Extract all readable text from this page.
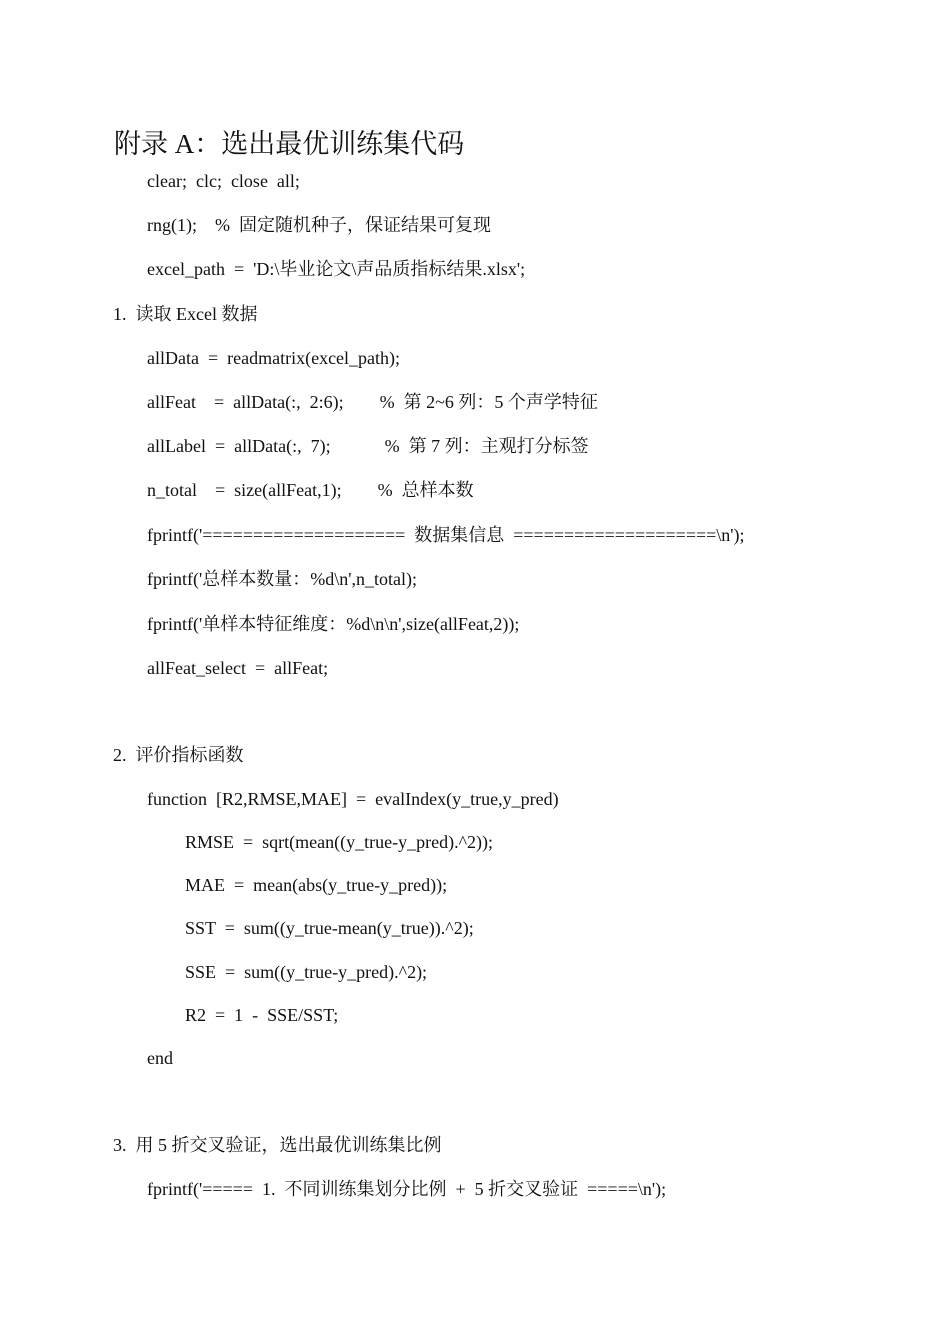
附录 A：选出最优训练集代码
clear;  clc;  close  all;
rng(1);    %  固定随机种子，保证结果可复现
excel_path  =  'D:\毕业论文\声品质指标结果.xlsx';
1.  读取 Excel 数据
allData  =  readmatrix(excel_path);
allFeat    =  allData(:,  2:6);        %  第 2~6 列：5 个声学特征
allLabel  =  allData(:,  7);            %  第 7 列：主观打分标签
n_total    =  size(allFeat,1);        %  总样本数
fprintf('====================  数据集信息  ====================\n');
fprintf('总样本数量：%d\n',n_total);
fprintf('单样本特征维度：%d\n\n',size(allFeat,2));
allFeat_select  =  allFeat;
2.  评价指标函数
function  [R2,RMSE,MAE]  =  evalIndex(y_true,y_pred)
RMSE  =  sqrt(mean((y_true-y_pred).^2));
MAE  =  mean(abs(y_true-y_pred));
SST  =  sum((y_true-mean(y_true)).^2);
SSE  =  sum((y_true-y_pred).^2);
R2  =  1  -  SSE/SST;
end
3.  用 5 折交叉验证，选出最优训练集比例
fprintf('=====  1.  不同训练集划分比例  +  5 折交叉验证  =====\n');
